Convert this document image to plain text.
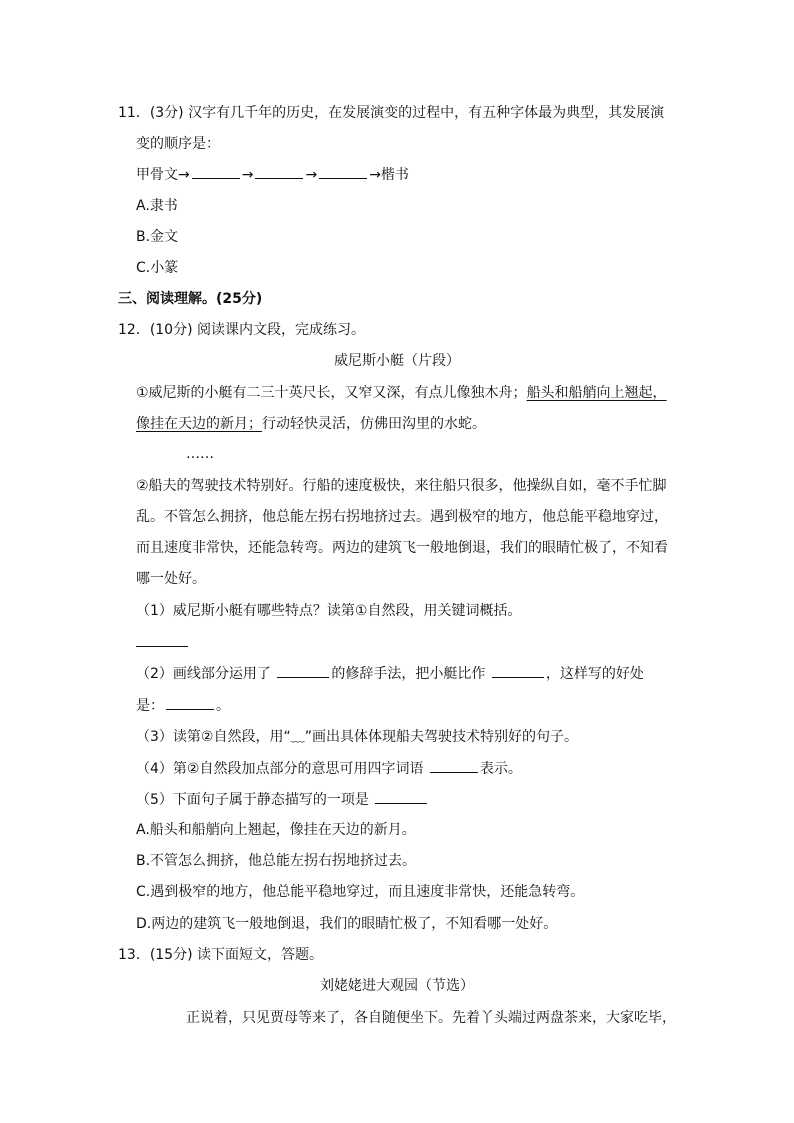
11．(3分) 汉字有几千年的历史，在发展演变的过程中，有五种字体最为典型，其发展演
变的顺序是：
甲骨文→	→	→	→楷书
A.隶书
B.金文
C.小篆
三、阅读理解。(25分)
12．(10分) 阅读课内文段，完成练习。
威尼斯小艇（片段）
①威尼斯的小艇有二三十英尺长，又窄又深，有点儿像独木舟；船头和船艄向上翘起，
像挂在天边的新月；行动轻快灵活，仿佛田沟里的水蛇。
……
②船夫的驾驶技术特别好。行船的速度极快，来往船只很多，他操纵自如，毫不手忙脚
乱。不管怎么拥挤，他总能左拐右拐地挤过去。遇到极窄的地方，他总能平稳地穿过，
而且速度非常快，还能急转弯。两边的建筑飞一般地倒退，我们的眼睛忙极了，不知看
哪一处好。
（1）威尼斯小艇有哪些特点？读第①自然段，用关键词概括。
（2）画线部分运用了	的修辞手法，把小艇比作	，这样写的好处
是：	。
（3）读第②自然段，用“﹏”画出具体体现船夫驾驶技术特别好的句子。
（4）第②自然段加点部分的意思可用四字词语	表示。
（5）下面句子属于静态描写的一项是
A.船头和船艄向上翘起，像挂在天边的新月。
B.不管怎么拥挤，他总能左拐右拐地挤过去。
C.遇到极窄的地方，他总能平稳地穿过，而且速度非常快，还能急转弯。
D.两边的建筑飞一般地倒退，我们的眼睛忙极了，不知看哪一处好。
13．(15分) 读下面短文，答题。
刘姥姥进大观园（节选）
正说着，只见贾母等来了，各自随便坐下。先着丫头端过两盘茶来，大家吃毕，
